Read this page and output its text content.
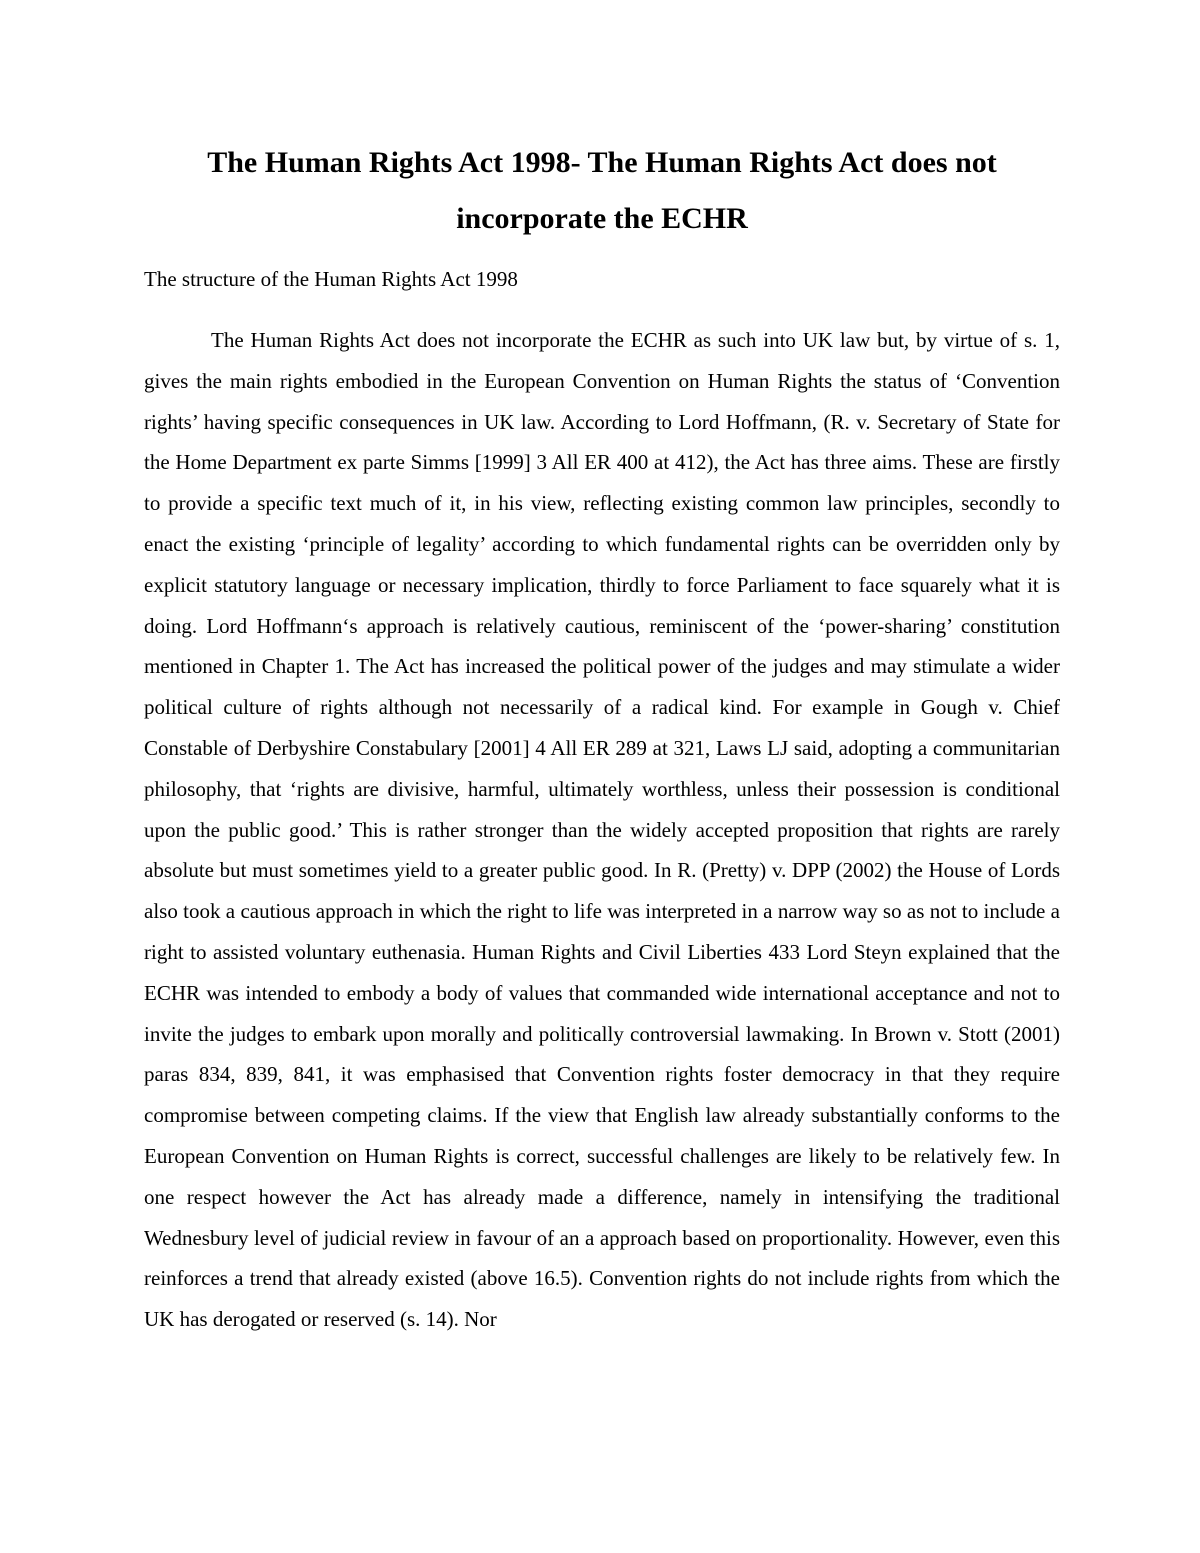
The Human Rights Act 1998- The Human Rights Act does not incorporate the ECHR

The structure of the Human Rights Act 1998

The Human Rights Act does not incorporate the ECHR as such into UK law but, by virtue of s. 1, gives the main rights embodied in the European Convention on Human Rights the status of ‘Convention rights’ having specific consequences in UK law. According to Lord Hoffmann, (R. v. Secretary of State for the Home Department ex parte Simms [1999] 3 All ER 400 at 412), the Act has three aims. These are firstly to provide a specific text much of it, in his view, reflecting existing common law principles, secondly to enact the existing ‘principle of legality’ according to which fundamental rights can be overridden only by explicit statutory language or necessary implication, thirdly to force Parliament to face squarely what it is doing. Lord Hoffmann‘s approach is relatively cautious, reminiscent of the ‘power-sharing’ constitution mentioned in Chapter 1. The Act has increased the political power of the judges and may stimulate a wider political culture of rights although not necessarily of a radical kind. For example in Gough v. Chief Constable of Derbyshire Constabulary [2001] 4 All ER 289 at 321, Laws LJ said, adopting a communitarian philosophy, that ‘rights are divisive, harmful, ultimately worthless, unless their possession is conditional upon the public good.’ This is rather stronger than the widely accepted proposition that rights are rarely absolute but must sometimes yield to a greater public good. In R. (Pretty) v. DPP (2002) the House of Lords also took a cautious approach in which the right to life was interpreted in a narrow way so as not to include a right to assisted voluntary euthenasia. Human Rights and Civil Liberties 433 Lord Steyn explained that the ECHR was intended to embody a body of values that commanded wide international acceptance and not to invite the judges to embark upon morally and politically controversial lawmaking. In Brown v. Stott (2001) paras 834, 839, 841, it was emphasised that Convention rights foster democracy in that they require compromise between competing claims. If the view that English law already substantially conforms to the European Convention on Human Rights is correct, successful challenges are likely to be relatively few. In one respect however the Act has already made a difference, namely in intensifying the traditional Wednesbury level of judicial review in favour of an a approach based on proportionality. However, even this reinforces a trend that already existed (above 16.5). Convention rights do not include rights from which the UK has derogated or reserved (s. 14). Nor
